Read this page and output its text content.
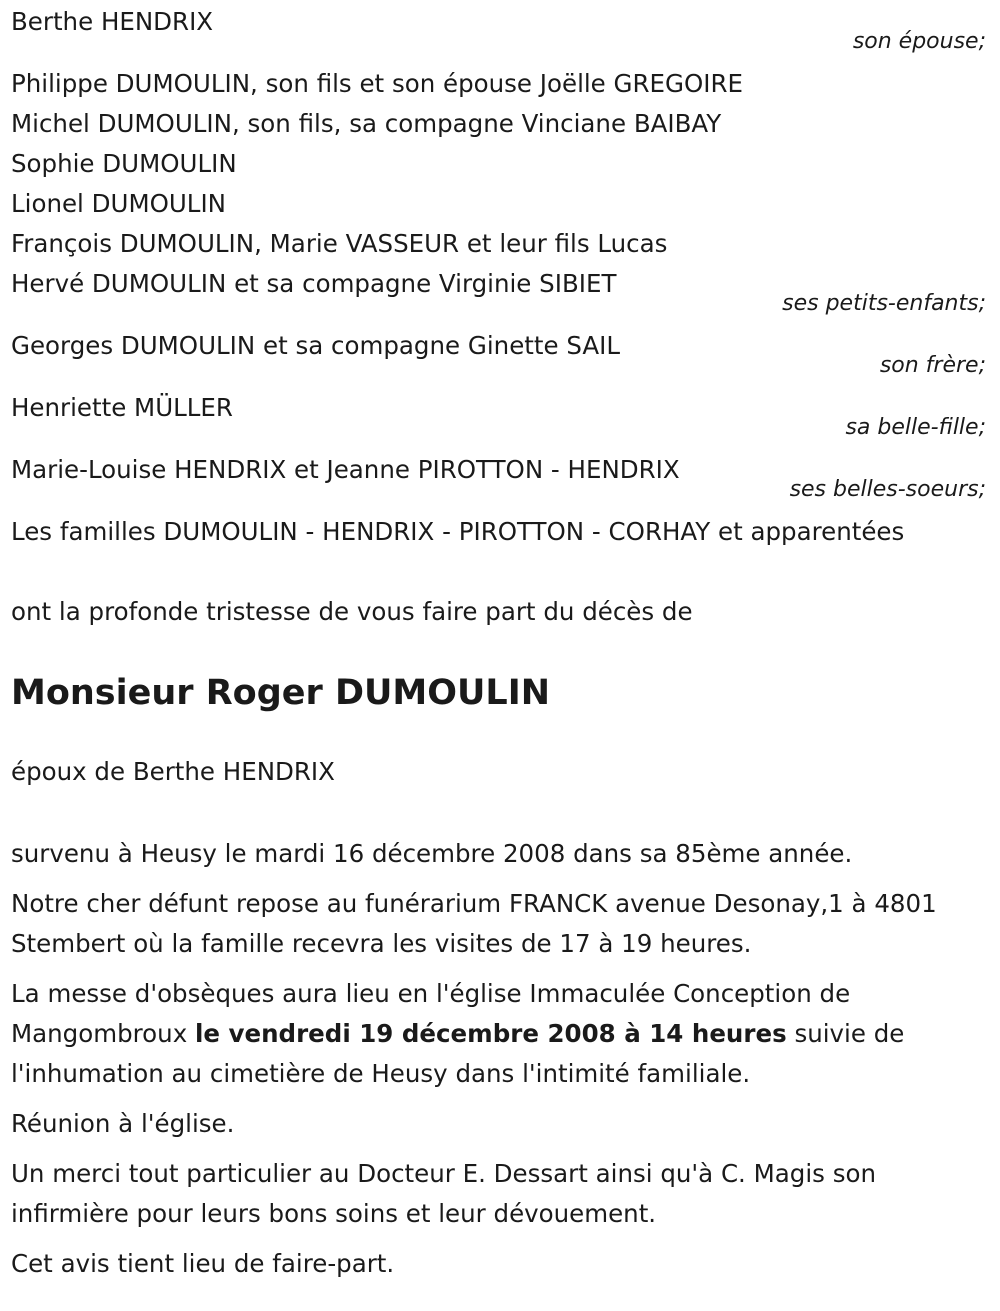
Berthe HENDRIX
son épouse;
Philippe DUMOULIN, son fils et son épouse Joëlle GREGOIRE
Michel DUMOULIN, son fils, sa compagne Vinciane BAIBAY
Sophie DUMOULIN
Lionel DUMOULIN
François DUMOULIN, Marie VASSEUR et leur fils Lucas
Hervé DUMOULIN et sa compagne Virginie SIBIET
ses petits-enfants;
Georges DUMOULIN et sa compagne Ginette SAIL
son frère;
Henriette MÜLLER
sa belle-fille;
Marie-Louise HENDRIX et Jeanne PIROTTON - HENDRIX
ses belles-soeurs;
Les familles DUMOULIN - HENDRIX - PIROTTON - CORHAY et apparentées
ont la profonde tristesse de vous faire part du décès de
Monsieur Roger DUMOULIN
époux de Berthe HENDRIX
survenu à Heusy le mardi 16 décembre 2008 dans sa 85ème année.
Notre cher défunt repose au funérarium FRANCK avenue Desonay,1 à 4801 Stembert où la famille recevra les visites de 17 à 19 heures.
La messe d'obsèques aura lieu en l'église Immaculée Conception de Mangombroux le vendredi 19 décembre 2008 à 14 heures suivie de l'inhumation au cimetière de Heusy dans l'intimité familiale.
Réunion à l'église.
Un merci tout particulier au Docteur E. Dessart ainsi qu'à C. Magis son infirmière pour leurs bons soins et leur dévouement.
Cet avis tient lieu de faire-part.
